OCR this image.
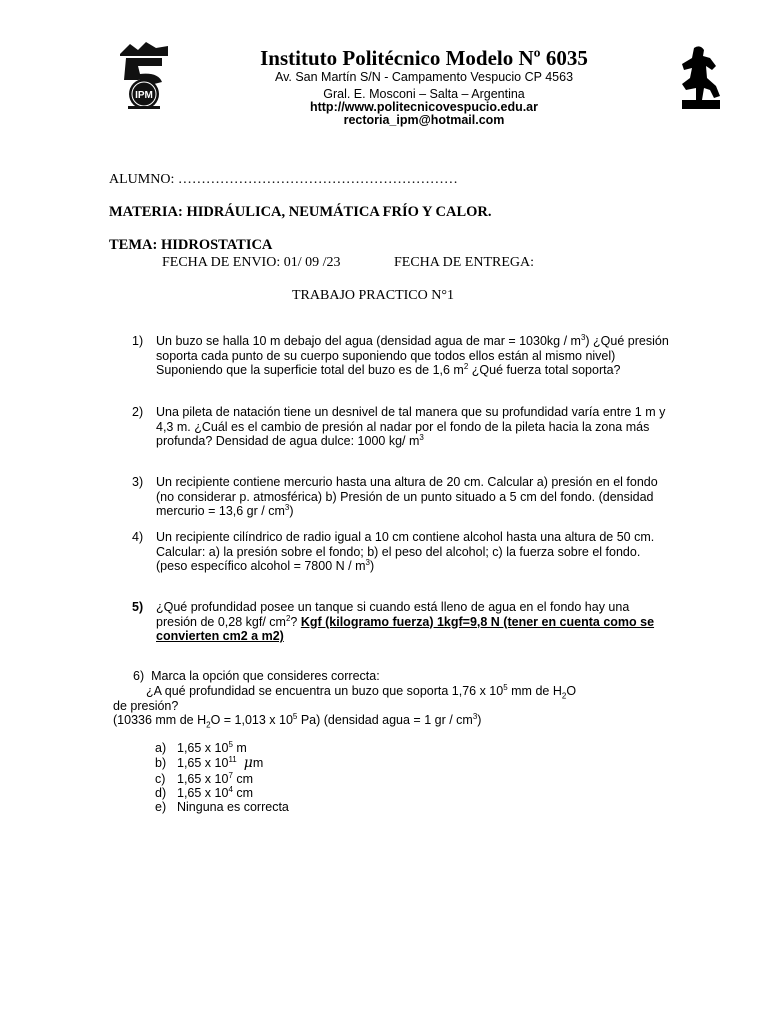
IPM
Instituto Politécnico Modelo Nº 6035
Av. San Martín S/N - Campamento Vespucio CP 4563
Gral. E. Mosconi – Salta – Argentina
http://www.politecnicovespucio.edu.ar
rectoria_ipm@hotmail.com
ALUMNO: ……………………………………………………
MATERIA: HIDRÁULICA, NEUMÁTICA FRÍO Y CALOR.
TEMA: HIDROSTATICA
FECHA DE ENVIO: 01/ 09 /23	FECHA DE ENTREGA:
TRABAJO PRACTICO N°1
1) Un buzo se halla 10 m debajo del agua (densidad agua de mar = $1030kg / m^3$) ¿Qué presión soporta cada punto de su cuerpo suponiendo que todos ellos están al mismo nivel) Suponiendo que la superficie total del buzo es de 1,6 $m^2$ ¿Qué fuerza total soporta?
2) Una pileta de natación tiene un desnivel de tal manera que su profundidad varía entre 1 m y 4,3 m. ¿Cuál es el cambio de presión al nadar por el fondo de la pileta hacia la zona más profunda? Densidad de agua dulce: 1000 kg/ $m^3$
3) Un recipiente contiene mercurio hasta una altura de 20 cm. Calcular a) presión en el fondo (no considerar p. atmosférica) b) Presión de un punto situado a 5 cm del fondo. (densidad mercurio = 13,6 gr / $cm^3$)
4) Un recipiente cilíndrico de radio igual a 10 cm contiene alcohol hasta una altura de 50 cm. Calcular: a) la presión sobre el fondo; b) el peso del alcohol; c) la fuerza sobre el fondo. (peso específico alcohol = 7800 N / $m^3$)
5) ¿Qué profundidad posee un tanque si cuando está lleno de agua en el fondo hay una presión de 0,28 kgf/ $cm^2$? Kgf (kilogramo fuerza) 1kgf=9,8 N (tener en cuenta como se convierten cm2 a m2)
6) Marca la opción que consideres correcta:
¿A qué profundidad se encuentra un buzo que soporta 1,76 x $10^5$ mm de $H_2O$ de presión?
(10336 mm de $H_2O = 1,013$ x $10^5$ Pa) (densidad agua = 1 gr / $cm^3$)
a) 1,65 x $10^5$ m
b) 1,65 x $10^{11}$ μm
c) 1,65 x $10^7$ cm
d) 1,65 x $10^4$ cm
e) Ninguna es correcta
